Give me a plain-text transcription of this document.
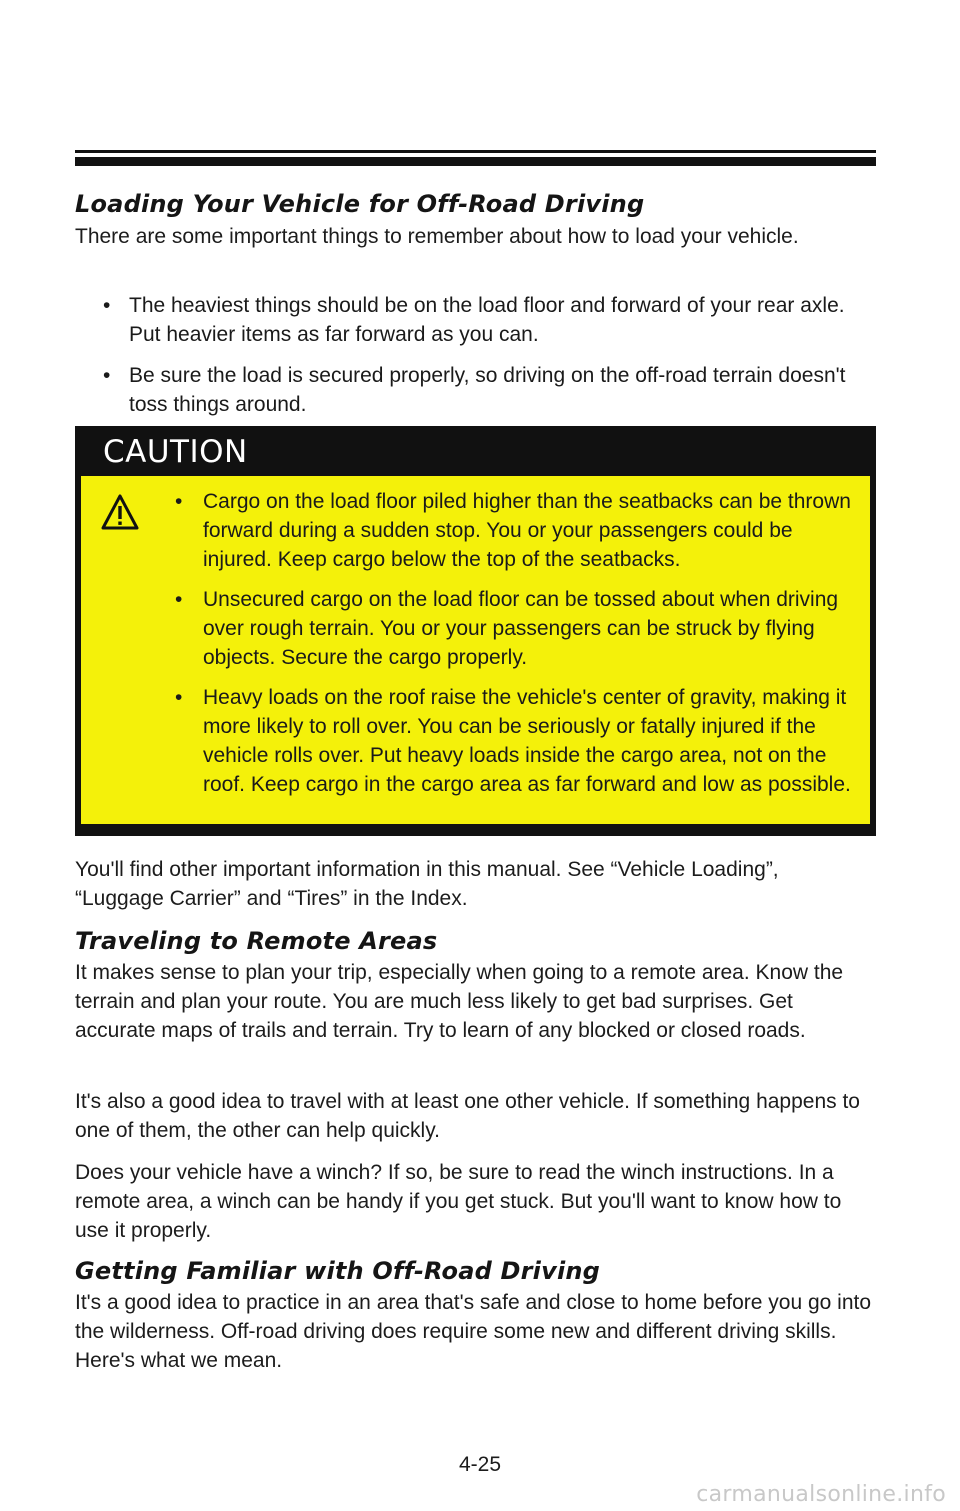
Loading Your Vehicle for Off-Road Driving

There are some important things to remember about how to load your vehicle.

• The heaviest things should be on the load floor and forward of your rear axle. Put heavier items as far forward as you can.
• Be sure the load is secured properly, so driving on the off-road terrain doesn't toss things around.
CAUTION
• Cargo on the load floor piled higher than the seatbacks can be thrown forward during a sudden stop. You or your passengers could be injured. Keep cargo below the top of the seatbacks.
• Unsecured cargo on the load floor can be tossed about when driving over rough terrain. You or your passengers can be struck by flying objects. Secure the cargo properly.
• Heavy loads on the roof raise the vehicle's center of gravity, making it more likely to roll over. You can be seriously or fatally injured if the vehicle rolls over. Put heavy loads inside the cargo area, not on the roof. Keep cargo in the cargo area as far forward and low as possible.

You'll find other important information in this manual. See “Vehicle Loading”, “Luggage Carrier” and “Tires” in the Index.

Traveling to Remote Areas

It makes sense to plan your trip, especially when going to a remote area. Know the terrain and plan your route. You are much less likely to get bad surprises. Get accurate maps of trails and terrain. Try to learn of any blocked or closed roads.

It's also a good idea to travel with at least one other vehicle. If something happens to one of them, the other can help quickly.

Does your vehicle have a winch? If so, be sure to read the winch instructions. In a remote area, a winch can be handy if you get stuck. But you'll want to know how to use it properly.

Getting Familiar with Off-Road Driving

It's a good idea to practice in an area that's safe and close to home before you go into the wilderness. Off-road driving does require some new and different driving skills. Here's what we mean.

4-25
carmanualsonline.info
